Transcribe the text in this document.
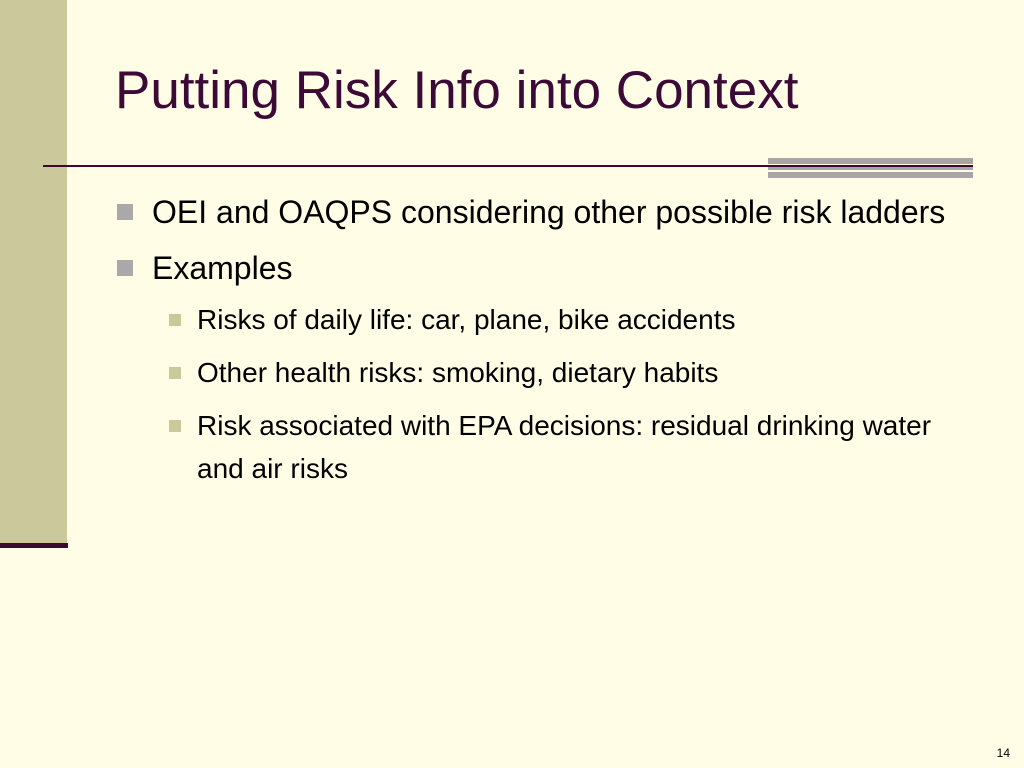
Putting Risk Info into Context
OEI and OAQPS considering other possible risk ladders
Examples
Risks of daily life: car, plane, bike accidents
Other health risks: smoking, dietary habits
Risk associated with EPA decisions: residual drinking water and air risks
14
